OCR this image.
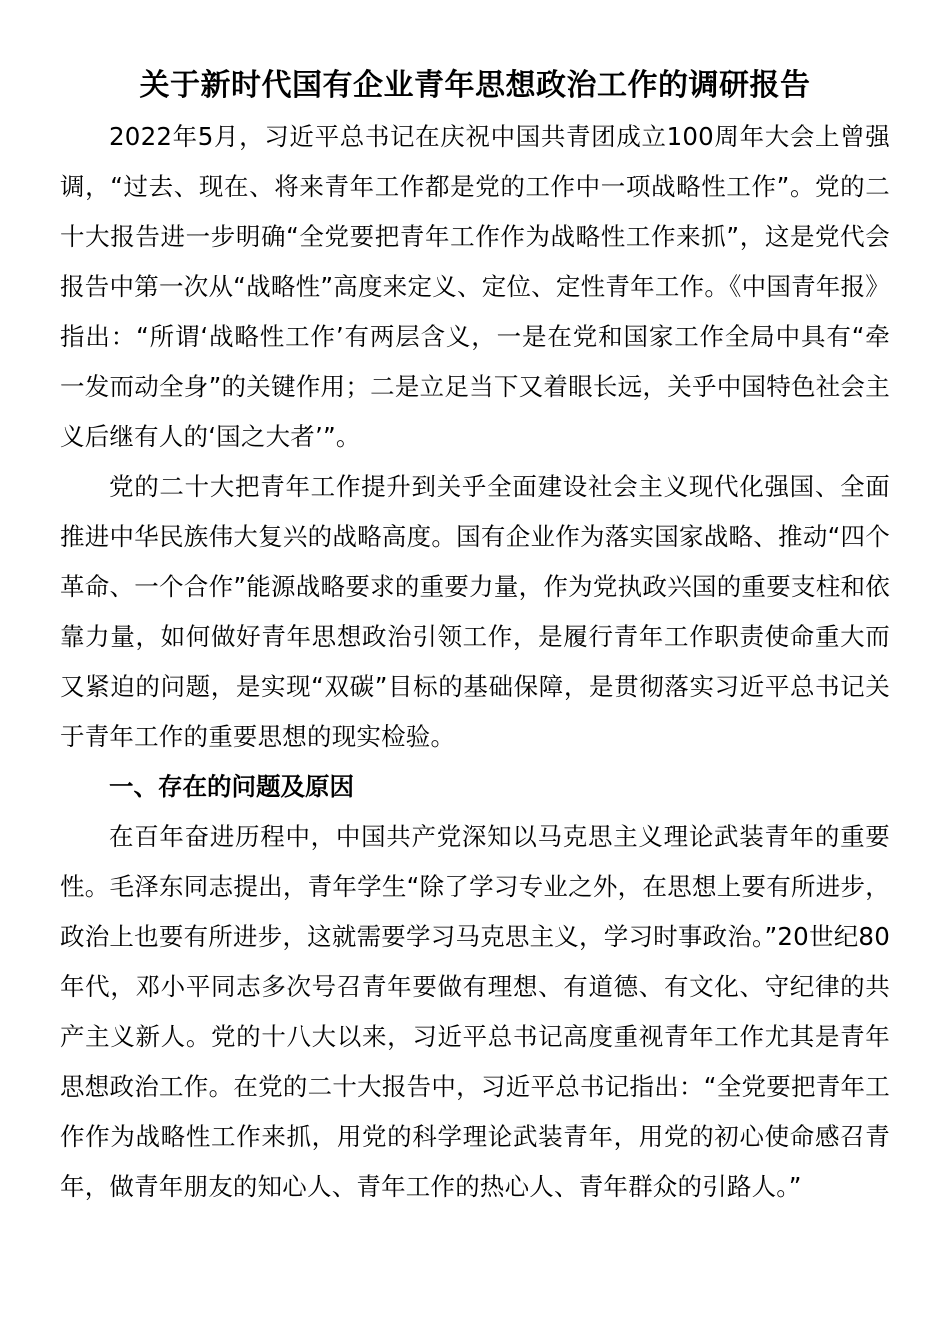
关于新时代国有企业青年思想政治工作的调研报告

2022年5月，习近平总书记在庆祝中国共青团成立100周年大会上曾强调，“过去、现在、将来青年工作都是党的工作中一项战略性工作”。党的二十大报告进一步明确“全党要把青年工作作为战略性工作来抓”，这是党代会报告中第一次从“战略性”高度来定义、定位、定性青年工作。《中国青年报》指出：“所谓‘战略性工作’有两层含义，一是在党和国家工作全局中具有“牵一发而动全身”的关键作用；二是立足当下又着眼长远，关乎中国特色社会主义后继有人的‘国之大者’”。

党的二十大把青年工作提升到关乎全面建设社会主义现代化强国、全面推进中华民族伟大复兴的战略高度。国有企业作为落实国家战略、推动“四个革命、一个合作”能源战略要求的重要力量，作为党执政兴国的重要支柱和依靠力量，如何做好青年思想政治引领工作，是履行青年工作职责使命重大而又紧迫的问题，是实现“双碳”目标的基础保障，是贯彻落实习近平总书记关于青年工作的重要思想的现实检验。

一、存在的问题及原因

在百年奋进历程中，中国共产党深知以马克思主义理论武装青年的重要性。毛泽东同志提出，青年学生“除了学习专业之外，在思想上要有所进步，政治上也要有所进步，这就需要学习马克思主义，学习时事政治。”20世纪80年代，邓小平同志多次号召青年要做有理想、有道德、有文化、守纪律的共产主义新人。党的十八大以来，习近平总书记高度重视青年工作尤其是青年思想政治工作。在党的二十大报告中，习近平总书记指出：“全党要把青年工作作为战略性工作来抓，用党的科学理论武装青年，用党的初心使命感召青年，做青年朋友的知心人、青年工作的热心人、青年群众的引路人。”
